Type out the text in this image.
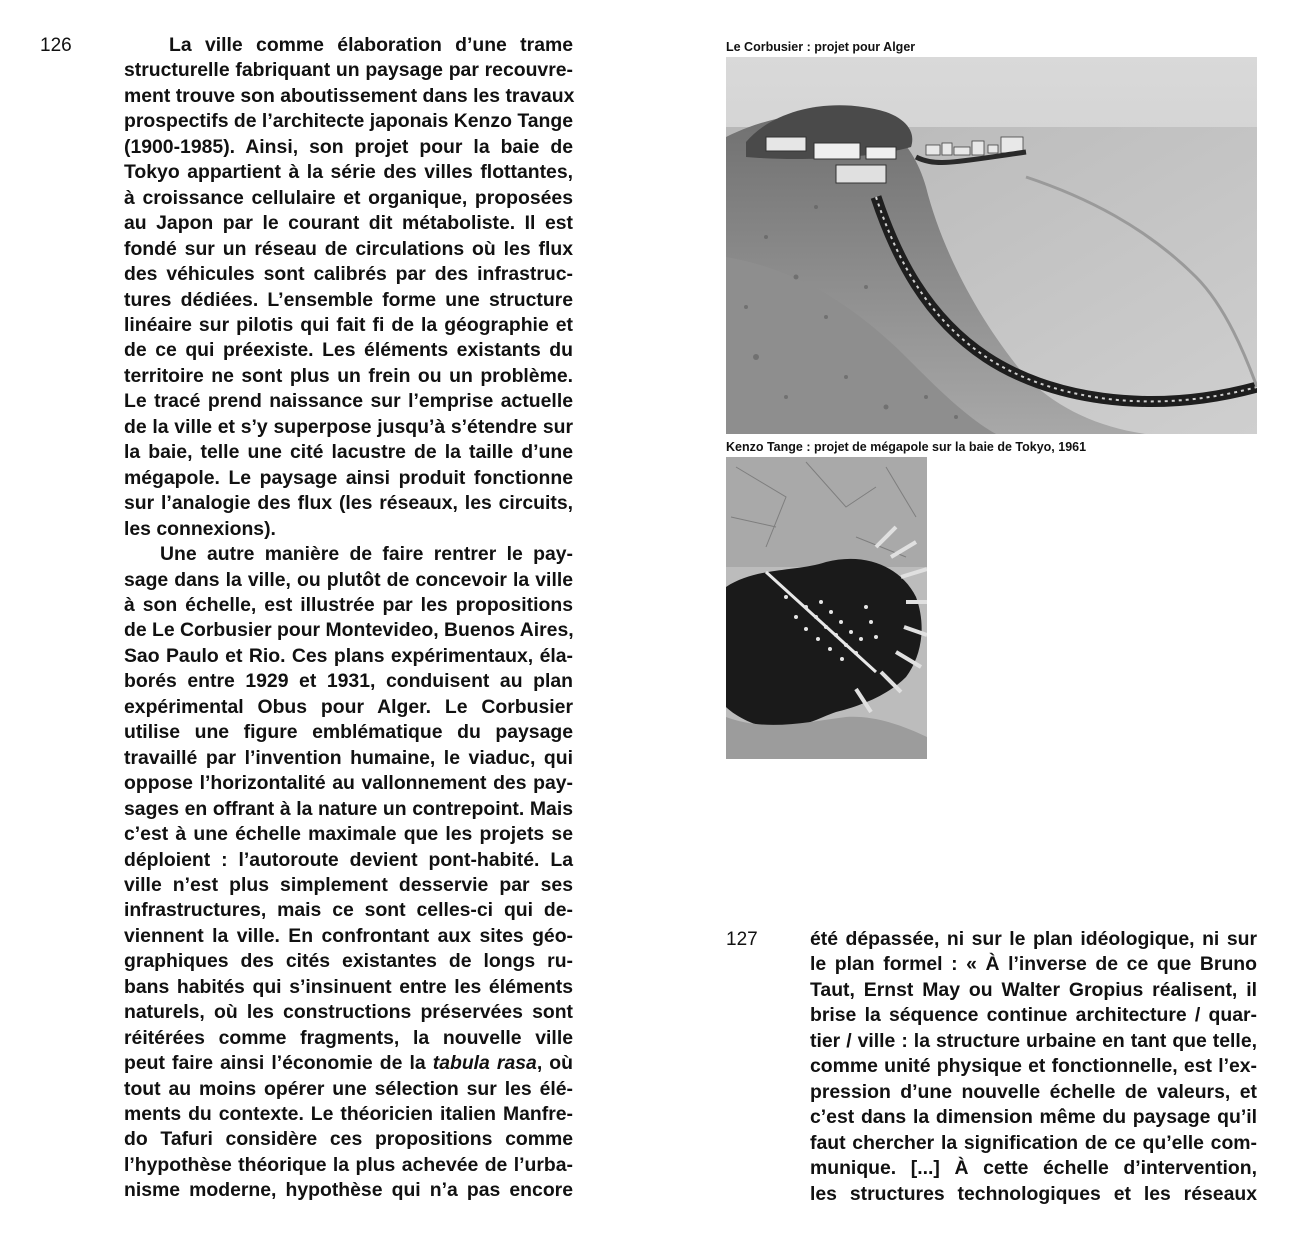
126	La ville comme élaboration d’une trame
structurelle fabriquant un paysage par recouvre-
ment trouve son aboutissement dans les travaux
prospectifs de l’architecte japonais Kenzo Tange
(1900-1985). Ainsi, son projet pour la baie de
Tokyo appartient à la série des villes flottantes,
à croissance cellulaire et organique, proposées
au Japon par le courant dit métaboliste. Il est
fondé sur un réseau de circulations où les flux
des véhicules sont calibrés par des infrastruc-
tures dédiées. L’ensemble forme une structure
linéaire sur pilotis qui fait fi de la géographie et
de ce qui préexiste. Les éléments existants du
territoire ne sont plus un frein ou un problème.
Le tracé prend naissance sur l’emprise actuelle
de la ville et s’y superpose jusqu’à s’étendre sur
la baie, telle une cité lacustre de la taille d’une
mégapole. Le paysage ainsi produit fonctionne
sur l’analogie des flux (les réseaux, les circuits,
les connexions).
Une autre manière de faire rentrer le pay-
sage dans la ville, ou plutôt de concevoir la ville
à son échelle, est illustrée par les propositions
de Le Corbusier pour Montevideo, Buenos Aires,
Sao Paulo et Rio. Ces plans expérimentaux, éla-
borés entre 1929 et 1931, conduisent au plan
expérimental Obus pour Alger. Le Corbusier
utilise une figure emblématique du paysage
travaillé par l’invention humaine, le viaduc, qui
oppose l’horizontalité au vallonnement des pay-
sages en offrant à la nature un contrepoint. Mais
c’est à une échelle maximale que les projets se
déploient : l’autoroute devient pont-habité. La
ville n’est plus simplement desservie par ses
infrastructures, mais ce sont celles-ci qui de-
viennent la ville. En confrontant aux sites géo-
graphiques des cités existantes de longs ru-
bans habités qui s’insinuent entre les éléments
naturels, où les constructions préservées sont
réitérées comme fragments, la nouvelle ville
peut faire ainsi l’économie de la tabula rasa, où
tout au moins opérer une sélection sur les élé-
ments du contexte. Le théoricien italien Manfre-
do Tafuri considère ces propositions comme
l’hypothèse théorique la plus achevée de l’urba-
nisme moderne, hypothèse qui n’a pas encore
Le Corbusier : projet pour Alger
Kenzo Tange : projet de mégapole sur la baie de Tokyo, 1961
127	été dépassée, ni sur le plan idéologique, ni sur
le plan formel : « À l’inverse de ce que Bruno
Taut, Ernst May ou Walter Gropius réalisent, il
brise la séquence continue architecture / quar-
tier / ville : la structure urbaine en tant que telle,
comme unité physique et fonctionnelle, est l’ex-
pression d’une nouvelle échelle de valeurs, et
c’est dans la dimension même du paysage qu’il
faut chercher la signification de ce qu’elle com-
munique. [...] À cette échelle d’intervention,
les structures technologiques et les réseaux
